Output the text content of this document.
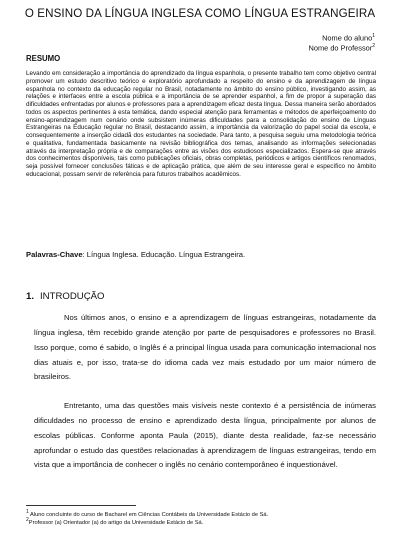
O ENSINO DA LÍNGUA INGLESA COMO LÍNGUA ESTRANGEIRA
Nome do aluno$^1$
Nome do Professor$^2$
RESUMO
Levando em consideração a importância do aprendizado da língua espanhola, o presente trabalho tem como objetivo central promover um estudo descritivo teórico e exploratório aprofundado a respeito do ensino e da aprendizagem de língua espanhola no contexto da educação regular no Brasil, notadamente no âmbito do ensino público, investigando assim, as relações e interfaces entre a escola pública e a importância de se aprender espanhol, a fim de propor a superação das dificuldades enfrentadas por alunos e professores para a aprendizagem eficaz desta língua. Dessa maneira serão abordados todos os aspectos pertinentes à esta temática, dando especial atenção para ferramentas e métodos de aperfeiçoamento do ensino-aprendizagem num cenário onde subsistem inúmeras dificuldades para a consolidação do ensino de Línguas Estrangeiras na Educação regular no Brasil, destacando assim, a importância da valorização do papel social da escola, e consequentemente a inserção cidadã dos estudantes na sociedade. Para tanto, a pesquisa seguiu uma metodologia teórica e qualitativa, fundamentada basicamente na revisão bibliográfica dos temas, analisando as informações selecionadas através da interpretação própria e de comparações entre as visões dos estudiosos especializados. Espera-se que através dos conhecimentos disponíveis, tais como publicações oficiais, obras completas, periódicos e artigos científicos renomados, seja possível fornecer conclusões fáticas e de aplicação prática, que além de seu interesse geral e específico no âmbito educacional, possam servir de referência para futuros trabalhos acadêmicos.
Palavras-Chave: Língua Inglesa. Educação. Língua Estrangeira.
1. INTRODUÇÃO
Nos últimos anos, o ensino e a aprendizagem de línguas estrangeiras, notadamente da língua inglesa, têm recebido grande atenção por parte de pesquisadores e professores no Brasil. Isso porque, como é sabido, o Inglês é a principal língua usada para comunicação internacional nos dias atuais e, por isso, trata-se do idioma cada vez mais estudado por um maior número de brasileiros.
Entretanto, uma das questões mais visíveis neste contexto é a persistência de inúmeras dificuldades no processo de ensino e aprendizado desta língua, principalmente por alunos de escolas públicas. Conforme aponta Paula (2015), diante desta realidade, faz-se necessário aprofundar o estudo das questões relacionadas à aprendizagem de línguas estrangeiras, tendo em vista que a importância de conhecer o inglês no cenário contemporâneo é inquestionável.
$^1$ Aluno concluinte do curso de Bacharel em Ciências Contábeis da Universidade Estácio de Sá.
$^2$Professor (a) Orientador (a) do artigo da Universidade Estácio de Sá.
